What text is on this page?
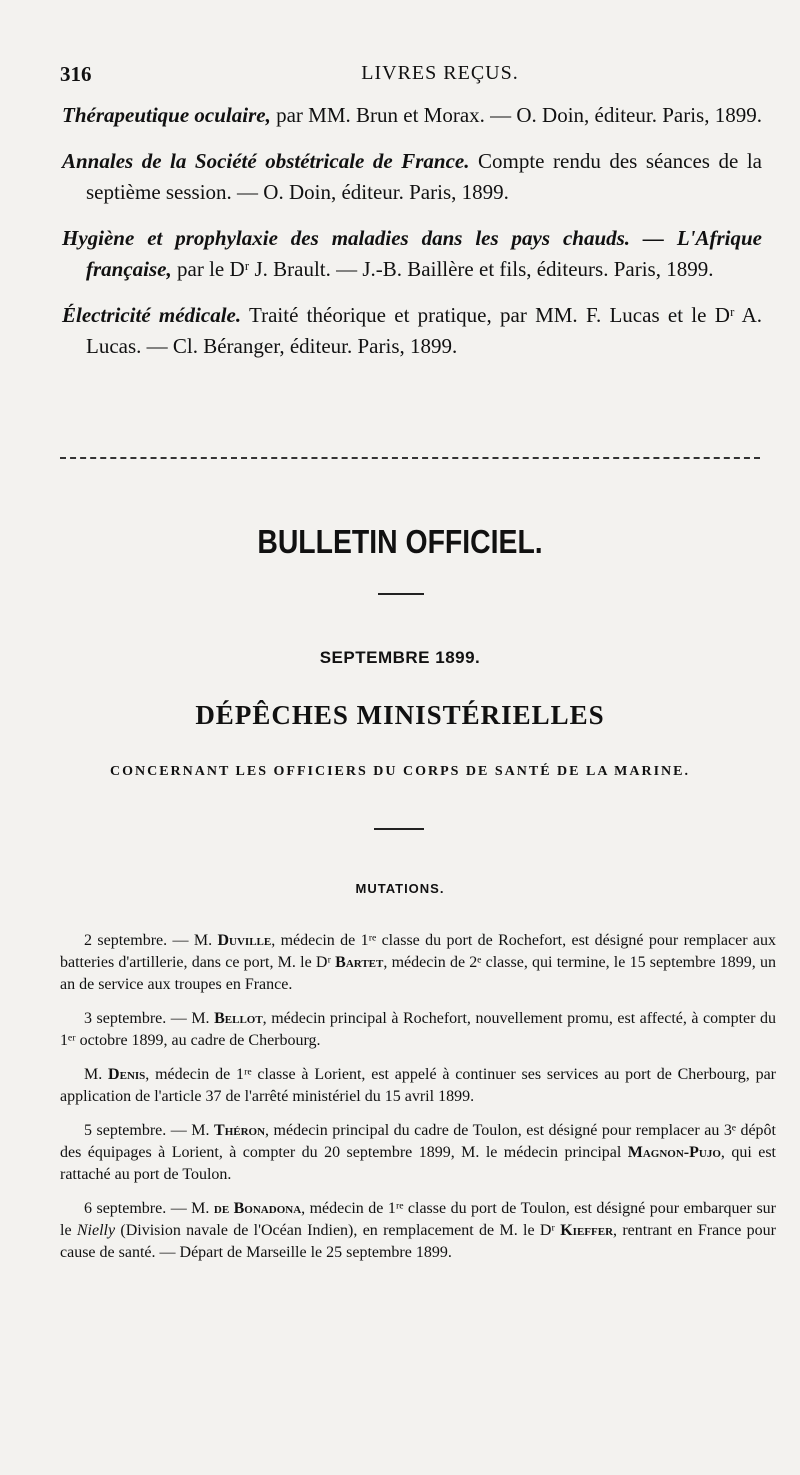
316	LIVRES REÇUS.
Thérapeutique oculaire, par MM. Brun et Morax. — O. Doin, éditeur. Paris, 1899.
Annales de la Société obstétricale de France. Compte rendu des séances de la septième session. — O. Doin, éditeur. Paris, 1899.
Hygiène et prophylaxie des maladies dans les pays chauds. — L'Afrique française, par le Dʳ J. Brault. — J.-B. Baillère et fils, éditeurs. Paris, 1899.
Électricité médicale. Traité théorique et pratique, par MM. F. Lucas et le Dʳ A. Lucas. — Cl. Béranger, éditeur. Paris, 1899.
BULLETIN OFFICIEL.
SEPTEMBRE 1899.
DÉPÊCHES MINISTÉRIELLES
CONCERNANT LES OFFICIERS DU CORPS DE SANTÉ DE LA MARINE.
MUTATIONS.

2 septembre. — M. Duville, médecin de 1ʳᵉ classe du port de Rochefort, est désigné pour remplacer aux batteries d'artillerie, dans ce port, M. le Dʳ Bartet, médecin de 2ᵉ classe, qui termine, le 15 septembre 1899, un an de service aux troupes en France.

3 septembre. — M. Bellot, médecin principal à Rochefort, nouvellement promu, est affecté, à compter du 1ᵉʳ octobre 1899, au cadre de Cherbourg.

M. Denis, médecin de 1ʳᵉ classe à Lorient, est appelé à continuer ses services au port de Cherbourg, par application de l'article 37 de l'arrêté ministériel du 15 avril 1899.

5 septembre. — M. Théron, médecin principal du cadre de Toulon, est désigné pour remplacer au 3ᵉ dépôt des équipages à Lorient, à compter du 20 septembre 1899, M. le médecin principal Magnon-Pujo, qui est rattaché au port de Toulon.

6 septembre. — M. de Bonadona, médecin de 1ʳᵉ classe du port de Toulon, est désigné pour embarquer sur le Nielly (Division navale de l'Océan Indien), en remplacement de M. le Dʳ Kieffer, rentrant en France pour cause de santé. — Départ de Marseille le 25 septembre 1899.
